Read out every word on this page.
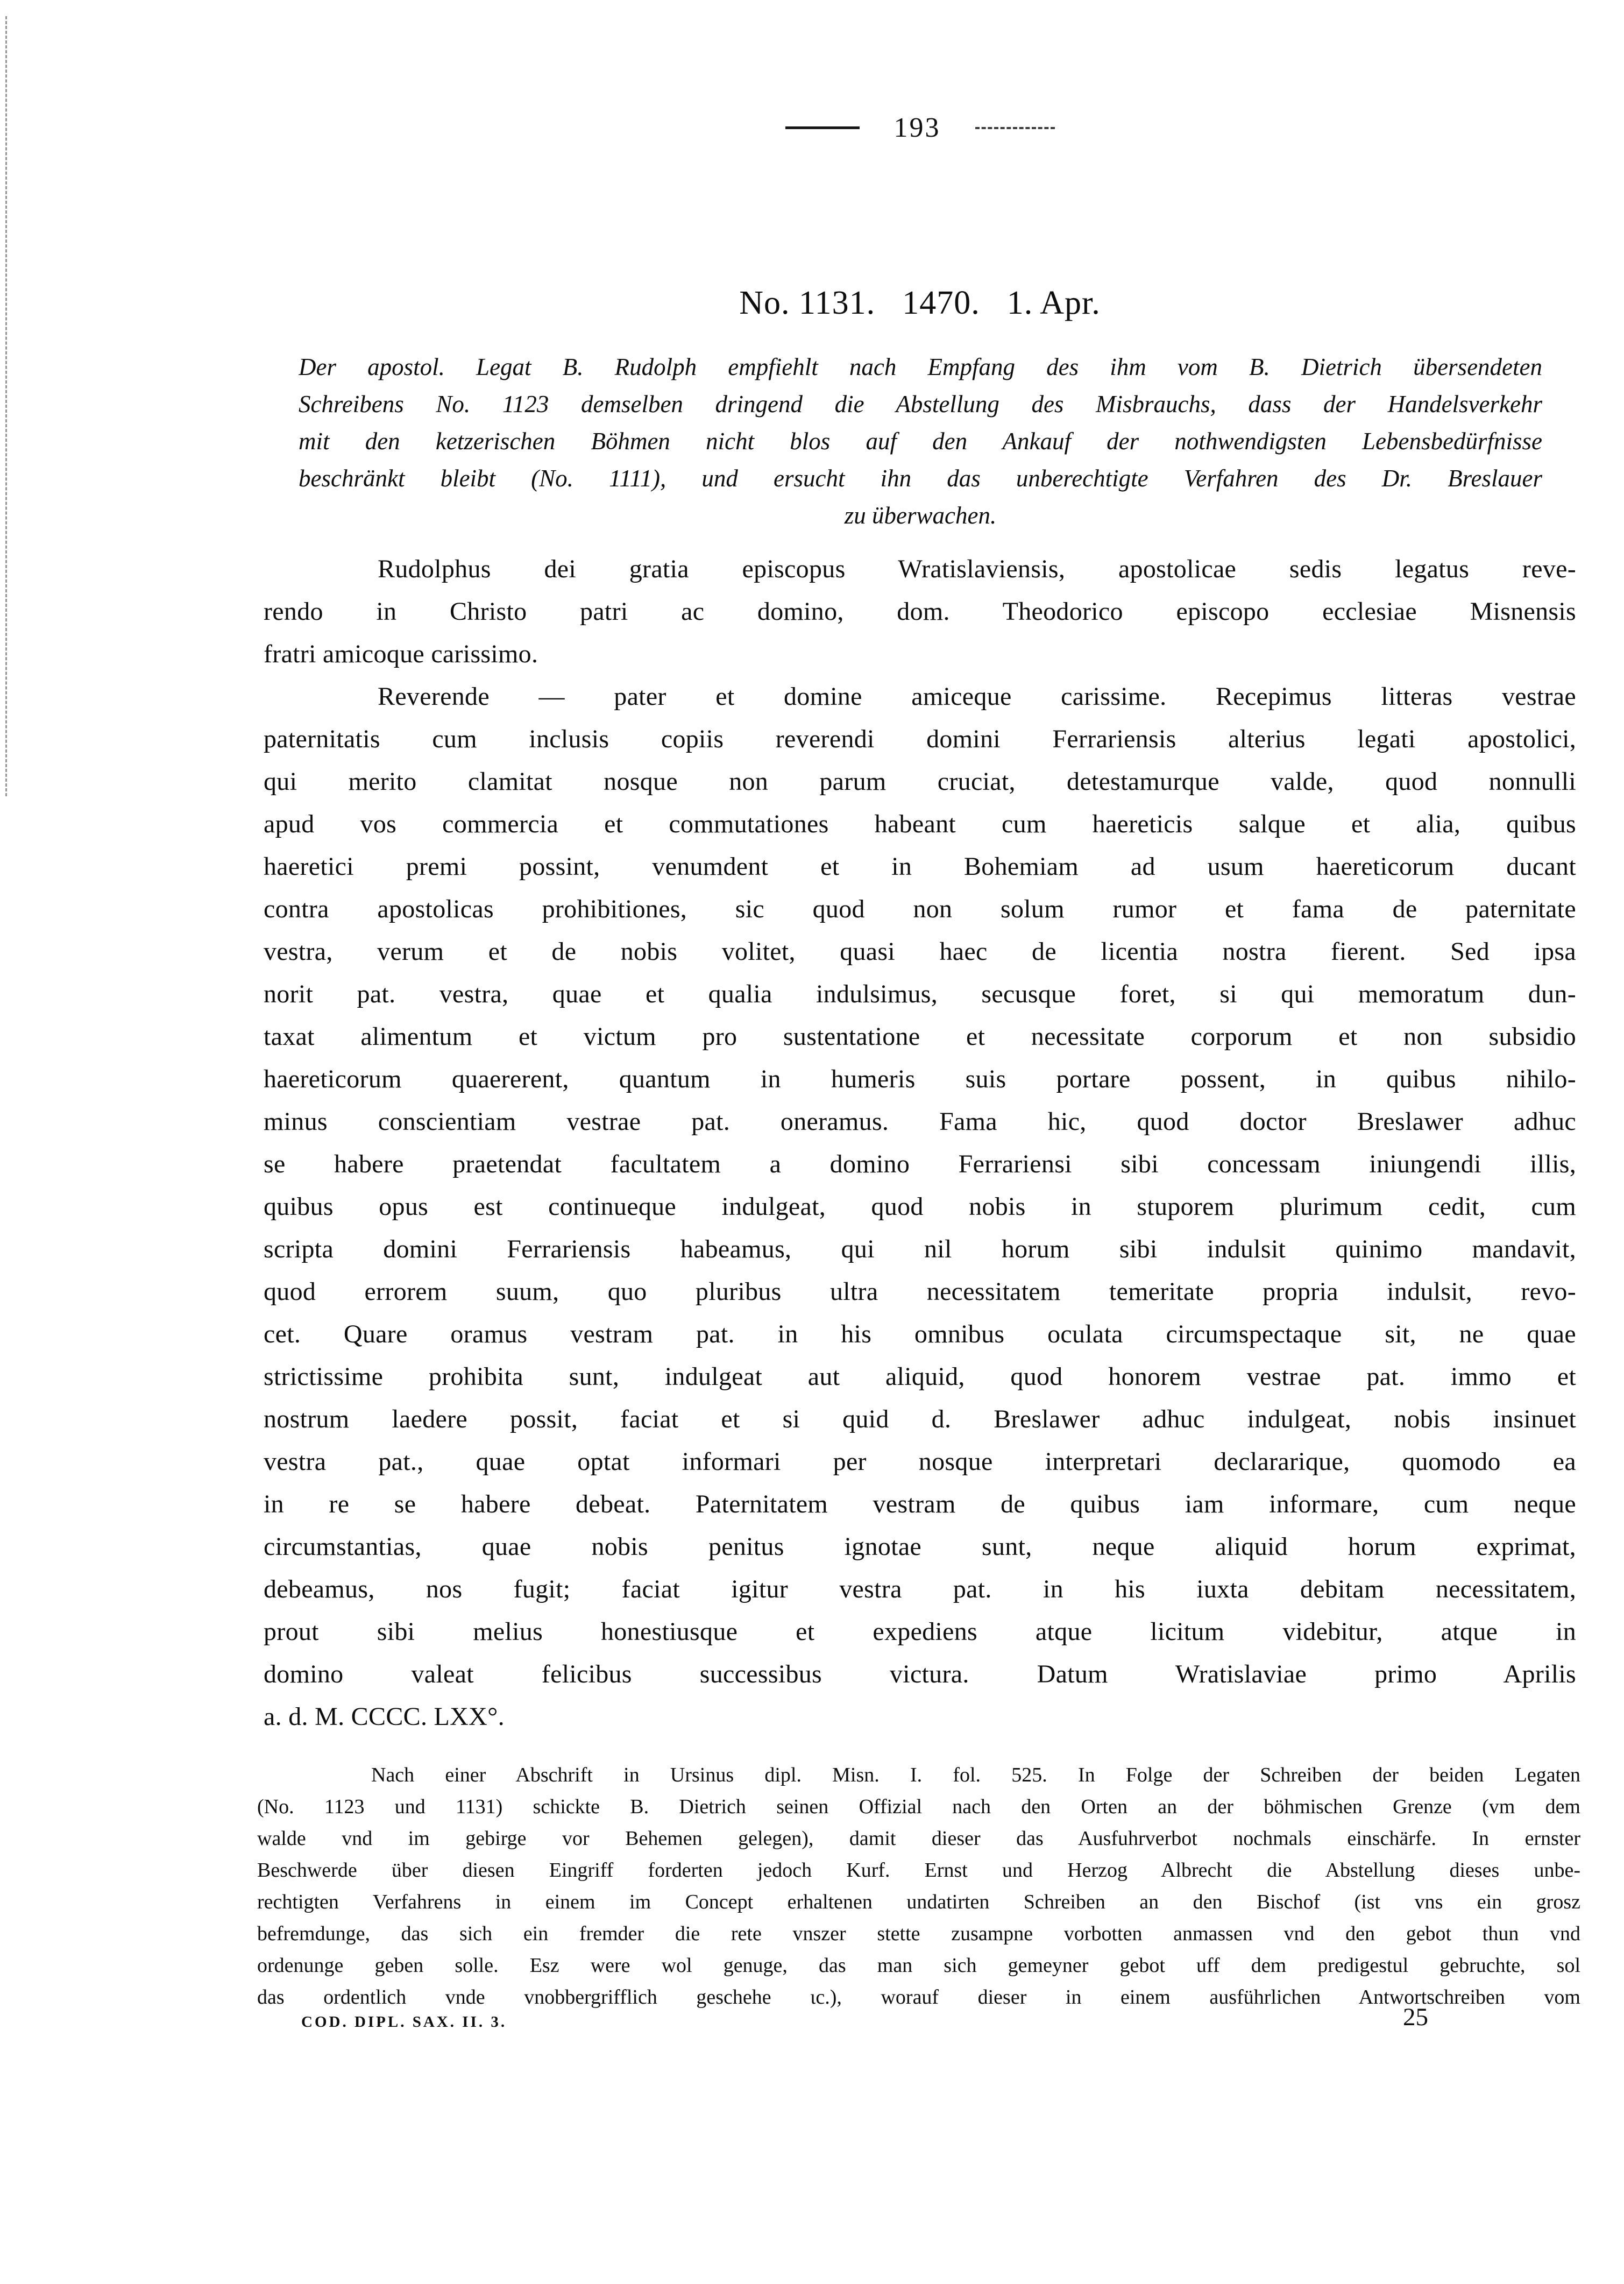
193
No. 1131. 1470. 1. Apr.

Der apostol. Legat B. Rudolph empfiehlt nach Empfang des ihm vom B. Dietrich übersendeten

Schreibens No. 1123 demselben dringend die Abstellung des Misbrauchs, dass der Handelsverkehr

mit den ketzerischen Böhmen nicht blos auf den Ankauf der nothwendigsten Lebensbedürfnisse

beschränkt bleibt (No. 1111), und ersucht ihn das unberechtigte Verfahren des Dr. Breslauer

zu überwachen.

Rudolphus dei gratia episcopus Wratislaviensis, apostolicae sedis legatus reve-

rendo in Christo patri ac domino, dom. Theodorico episcopo ecclesiae Misnensis

fratri amicoque carissimo.

Reverende — pater et domine amiceque carissime. Recepimus litteras vestrae

paternitatis cum inclusis copiis reverendi domini Ferrariensis alterius legati apostolici,

qui merito clamitat nosque non parum cruciat, detestamurque valde, quod nonnulli

apud vos commercia et commutationes habeant cum haereticis salque et alia, quibus

haeretici premi possint, venumdent et in Bohemiam ad usum haereticorum ducant

contra apostolicas prohibitiones, sic quod non solum rumor et fama de paternitate

vestra, verum et de nobis volitet, quasi haec de licentia nostra fierent. Sed ipsa

norit pat. vestra, quae et qualia indulsimus, secusque foret, si qui memoratum dun-

taxat alimentum et victum pro sustentatione et necessitate corporum et non subsidio

haereticorum quaererent, quantum in humeris suis portare possent, in quibus nihilo-

minus conscientiam vestrae pat. oneramus. Fama hic, quod doctor Breslawer adhuc

se habere praetendat facultatem a domino Ferrariensi sibi concessam iniungendi illis,

quibus opus est continueque indulgeat, quod nobis in stuporem plurimum cedit, cum

scripta domini Ferrariensis habeamus, qui nil horum sibi indulsit quinimo mandavit,

quod errorem suum, quo pluribus ultra necessitatem temeritate propria indulsit, revo-

cet. Quare oramus vestram pat. in his omnibus oculata circumspectaque sit, ne quae

strictissime prohibita sunt, indulgeat aut aliquid, quod honorem vestrae pat. immo et

nostrum laedere possit, faciat et si quid d. Breslawer adhuc indulgeat, nobis insinuet

vestra pat., quae optat informari per nosque interpretari declararique, quomodo ea

in re se habere debeat. Paternitatem vestram de quibus iam informare, cum neque

circumstantias, quae nobis penitus ignotae sunt, neque aliquid horum exprimat,

debeamus, nos fugit; faciat igitur vestra pat. in his iuxta debitam necessitatem,

prout sibi melius honestiusque et expediens atque licitum videbitur, atque in

domino valeat felicibus successibus victura. Datum Wratislaviae primo Aprilis

a. d. M. CCCC. LXX°.

Nach einer Abschrift in Ursinus dipl. Misn. I. fol. 525. In Folge der Schreiben der beiden Legaten

(No. 1123 und 1131) schickte B. Dietrich seinen Offizial nach den Orten an der böhmischen Grenze (vm dem

walde vnd im gebirge vor Behemen gelegen), damit dieser das Ausfuhrverbot nochmals einschärfe. In ernster

Beschwerde über diesen Eingriff forderten jedoch Kurf. Ernst und Herzog Albrecht die Abstellung dieses unbe-

rechtigten Verfahrens in einem im Concept erhaltenen undatirten Schreiben an den Bischof (ist vns ein grosz

befremdunge, das sich ein fremder die rete vnszer stette zusampne vorbotten anmassen vnd den gebot thun vnd

ordenunge geben solle. Esz were wol genuge, das man sich gemeyner gebot uff dem predigestul gebruchte, sol

das ordentlich vnde vnobbergrifflich geschehe ɩc.), worauf dieser in einem ausführlichen Antwortschreiben vom

COD. DIPL. SAX. II. 3.	25
